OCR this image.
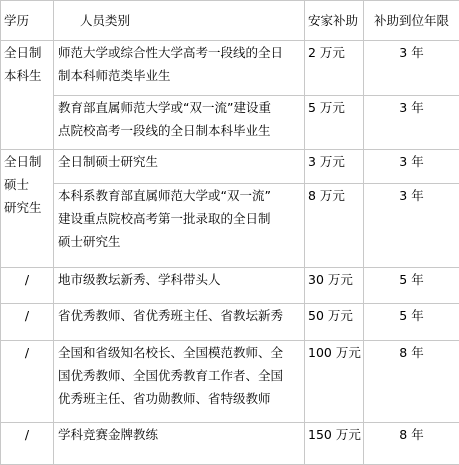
学历	人员类别	安家补助	补助到位年限

全日制
本科生	师范大学或综合性大学高考一段线的全日
制本科师范类毕业生	2 万元	3 年

	教育部直属师范大学或“双一流”建设重
点院校高考一段线的全日制本科毕业生	5 万元	3 年

全日制
硕士
研究生	全日制硕士研究生	3 万元	3 年

	本科系教育部直属师范大学或“双一流”
建设重点院校高考第一批录取的全日制
硕士研究生	8 万元	3 年
/	地市级教坛新秀、学科带头人	30 万元	5 年
/	省优秀教师、省优秀班主任、省教坛新秀	50 万元	5 年
/	全国和省级知名校长、全国模范教师、全
国优秀教师、全国优秀教育工作者、全国
优秀班主任、省功勋教师、省特级教师	100 万元	8 年
/	学科竞赛金牌教练	150 万元	8 年
